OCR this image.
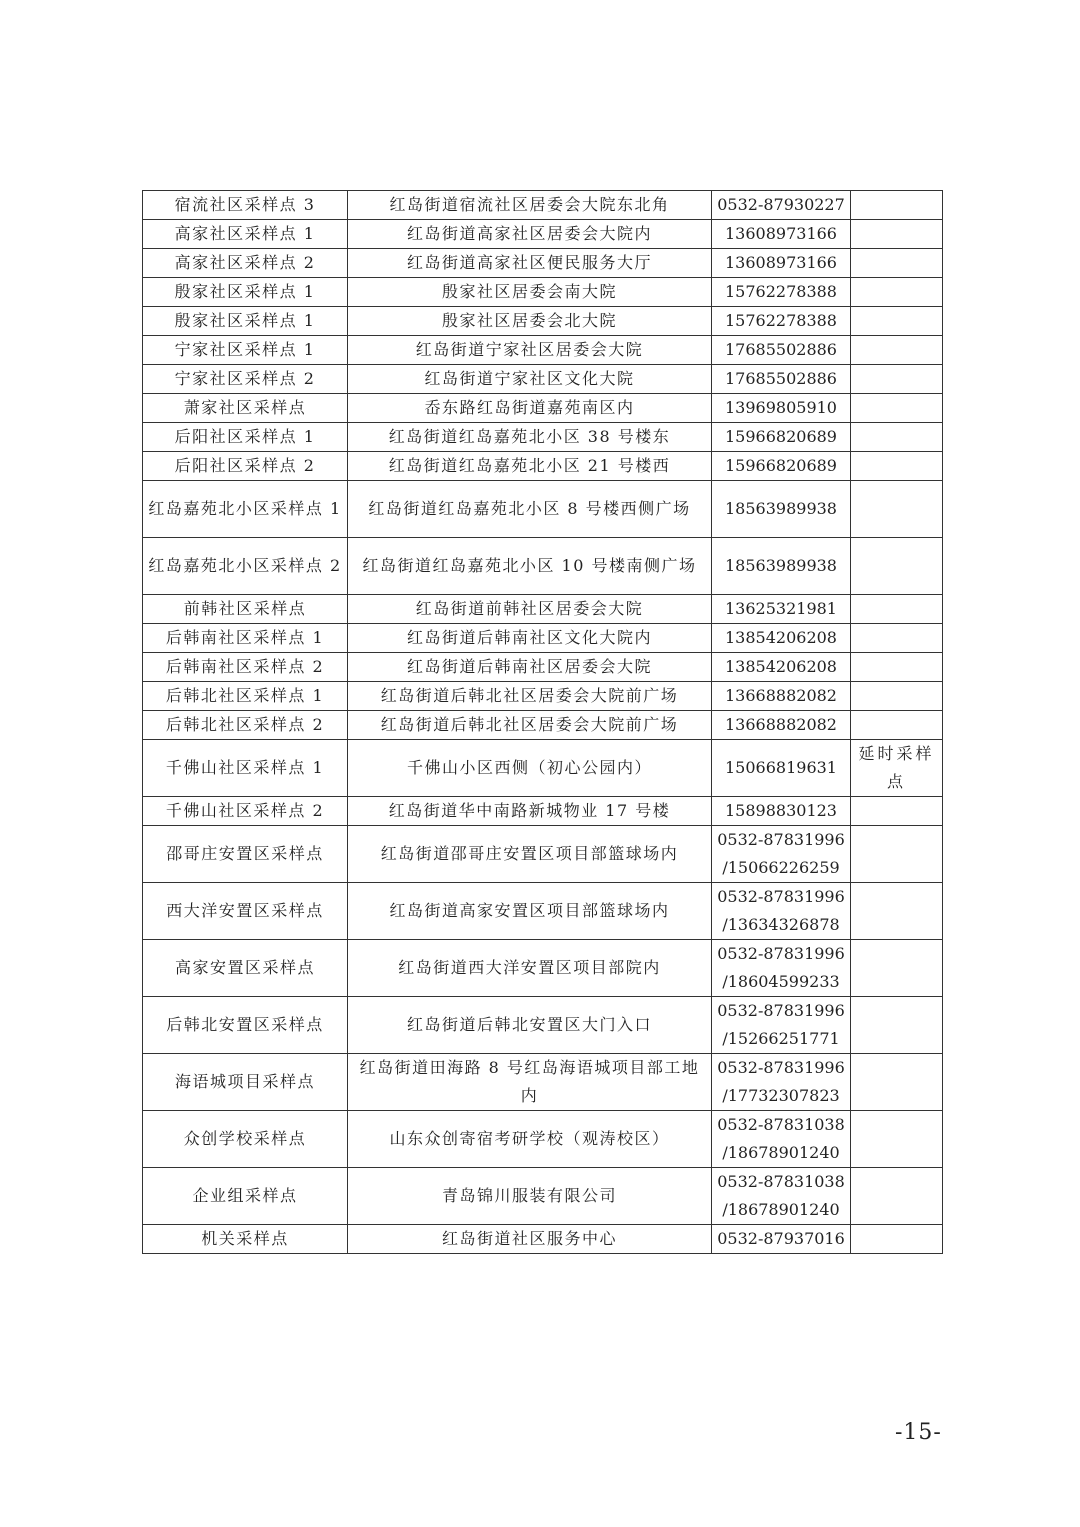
宿流社区采样点 3	红岛街道宿流社区居委会大院东北角	0532-87930227	
高家社区采样点 1	红岛街道高家社区居委会大院内	13608973166	
高家社区采样点 2	红岛街道高家社区便民服务大厅	13608973166	
殷家社区采样点 1	殷家社区居委会南大院	15762278388	
殷家社区采样点 1	殷家社区居委会北大院	15762278388	
宁家社区采样点 1	红岛街道宁家社区居委会大院	17685502886	
宁家社区采样点 2	红岛街道宁家社区文化大院	17685502886	
萧家社区采样点	岙东路红岛街道嘉苑南区内	13969805910	
后阳社区采样点 1	红岛街道红岛嘉苑北小区 38 号楼东	15966820689	
后阳社区采样点 2	红岛街道红岛嘉苑北小区 21 号楼西	15966820689	
红岛嘉苑北小区采样点 1	红岛街道红岛嘉苑北小区 8 号楼西侧广场	18563989938	
红岛嘉苑北小区采样点 2	红岛街道红岛嘉苑北小区 10 号楼南侧广场	18563989938	
前韩社区采样点	红岛街道前韩社区居委会大院	13625321981	
后韩南社区采样点 1	红岛街道后韩南社区文化大院内	13854206208	
后韩南社区采样点 2	红岛街道后韩南社区居委会大院	13854206208	
后韩北社区采样点 1	红岛街道后韩北社区居委会大院前广场	13668882082	
后韩北社区采样点 2	红岛街道后韩北社区居委会大院前广场	13668882082	
千佛山社区采样点 1	千佛山小区西侧（初心公园内）	15066819631	延时采样点
千佛山社区采样点 2	红岛街道华中南路新城物业 17 号楼	15898830123	
邵哥庄安置区采样点	红岛街道邵哥庄安置区项目部篮球场内	0532-87831996 /15066226259	
西大洋安置区采样点	红岛街道高家安置区项目部篮球场内	0532-87831996 /13634326878	
高家安置区采样点	红岛街道西大洋安置区项目部院内	0532-87831996 /18604599233	
后韩北安置区采样点	红岛街道后韩北安置区大门入口	0532-87831996 /15266251771	
海语城项目采样点	红岛街道田海路 8 号红岛海语城项目部工地内	0532-87831996 /17732307823	
众创学校采样点	山东众创寄宿考研学校（观涛校区）	0532-87831038 /18678901240	
企业组采样点	青岛锦川服装有限公司	0532-87831038 /18678901240	
机关采样点	红岛街道社区服务中心	0532-87937016	
-15-
